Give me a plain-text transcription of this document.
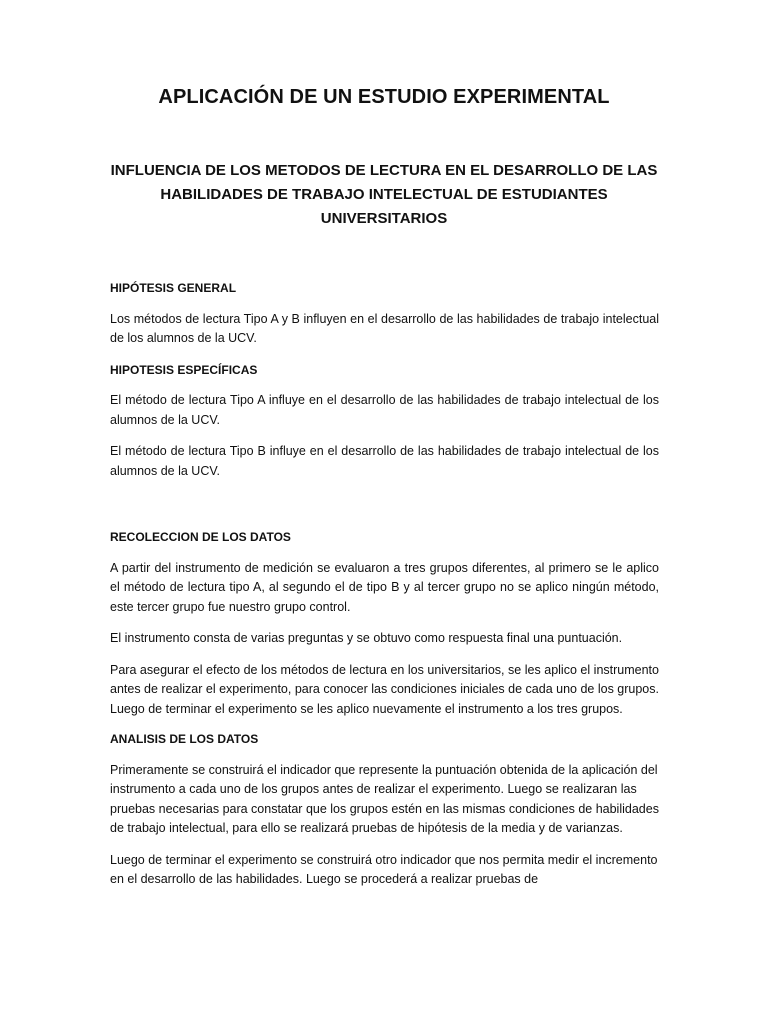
APLICACIÓN DE UN ESTUDIO EXPERIMENTAL
INFLUENCIA DE LOS METODOS DE LECTURA EN EL DESARROLLO DE LAS HABILIDADES DE TRABAJO INTELECTUAL DE ESTUDIANTES UNIVERSITARIOS
HIPÓTESIS GENERAL

Los métodos de lectura Tipo A y B influyen en el desarrollo de las habilidades de trabajo intelectual de los alumnos de la UCV.

HIPOTESIS ESPECÍFICAS

El método de lectura Tipo A influye en el desarrollo de las habilidades de trabajo intelectual de los alumnos de la UCV.

El método de lectura Tipo B influye en el desarrollo de las habilidades de trabajo intelectual de los alumnos de la UCV.

RECOLECCION DE LOS DATOS

A partir del instrumento de medición se evaluaron a tres grupos diferentes, al primero se le aplico el método de lectura tipo A, al segundo el de tipo B y al tercer grupo no se aplico ningún método, este tercer grupo fue nuestro grupo control.

El instrumento consta de varias preguntas y se obtuvo como respuesta final una puntuación.

Para asegurar el efecto de los métodos de lectura en los universitarios, se les aplico el instrumento antes de realizar el experimento, para conocer las condiciones iniciales de cada uno de los grupos. Luego de terminar el experimento se les aplico nuevamente el instrumento a los tres grupos.

ANALISIS DE LOS DATOS

Primeramente se construirá el indicador que represente la puntuación obtenida de la aplicación del instrumento a cada uno de los grupos antes de realizar el experimento. Luego se realizaran las pruebas necesarias para constatar que los grupos estén en las mismas condiciones de habilidades de trabajo intelectual, para ello se realizará pruebas de hipótesis de la media y de varianzas.

Luego de terminar el experimento se construirá otro indicador que nos permita medir el incremento en el desarrollo de las habilidades. Luego se procederá a realizar pruebas de
